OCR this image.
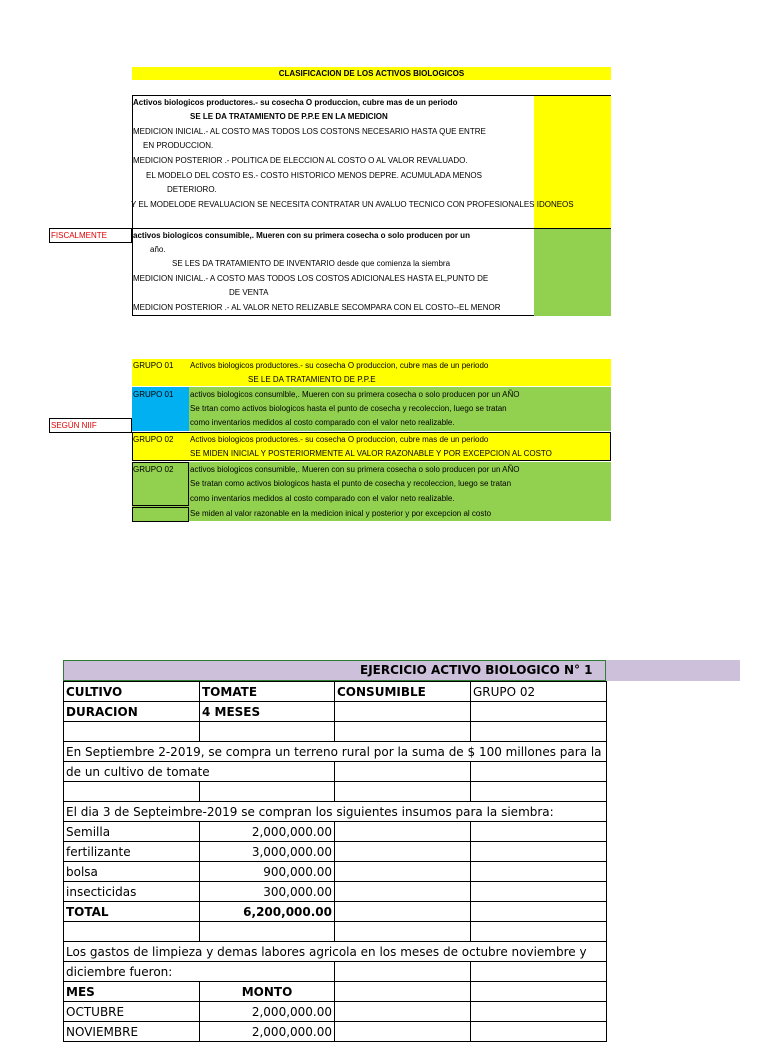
CLASIFICACION DE LOS ACTIVOS BIOLOGICOS
Activos biologicos productores.- su cosecha O produccion, cubre mas de un periodo
SE LE DA TRATAMIENTO DE P.P.E EN LA MEDICION
MEDICION INICIAL.- AL COSTO MAS TODOS LOS COSTONS NECESARIO HASTA QUE ENTRE
EN PRODUCCION.
MEDICION POSTERIOR .- POLITICA DE ELECCION AL COSTO O AL VALOR REVALUADO.
EL MODELO DEL COSTO ES.- COSTO HISTORICO MENOS DEPRE. ACUMULADA MENOS
DETERIORO.
Y EL MODELODE REVALUACION SE NECESITA CONTRATAR UN AVALUO TECNICO CON PROFESIONALES IDONEOS
FISCALMENTE	activos biologicos consumible,. Mueren con su primera cosecha o solo producen por un
año.
SE LES DA TRATAMIENTO DE INVENTARIO desde que comienza la siembra
MEDICION INICIAL.- A COSTO MAS TODOS LOS COSTOS ADICIONALES HASTA EL,PUNTO DE
DE VENTA
MEDICION POSTERIOR .- AL VALOR NETO RELIZABLE SECOMPARA CON EL COSTO--EL MENOR
GRUPO 01 Activos biologicos productores.- su cosecha O produccion, cubre mas de un periodo
SE LE DA TRATAMIENTO DE P.P.E
GRUPO 01 activos biologicos consumlble,. Mueren con su primera cosecha o solo producen por un AÑO
Se trtan como activos biologicos hasta el punto de cosecha y recoleccion, luego se tratan
como inventarios medidos al costo comparado con el valor neto realizable.
SEGÚN NIIF
GRUPO 02 Activos biologicos productores.- su cosecha O produccion, cubre mas de un periodo
SE MIDEN INICIAL Y POSTERIORMENTE AL VALOR RAZONABLE Y POR EXCEPCION AL COSTO
GRUPO 02 activos biologicos consumible,. Mueren con su primera cosecha o solo producen por un AÑO
Se tratan como activos biologicos hasta el punto de cosecha y recoleccion, luego se tratan
como inventarios medidos al costo comparado con el valor neto realizable.
Se miden al valor razonable en la medicion inical y posterior y por excepcion al costo
EJERCICIO ACTIVO BIOLOGICO N° 1
CULTIVO	TOMATE	CONSUMIBLE	GRUPO 02
DURACION	4 MESES		

En Septiembre 2-2019, se compra un terreno rural por la suma de $ 100 millones para la			
de un cultivo de tomate			

El dia 3 de Septeimbre-2019 se compran los siguientes insumos para la siembra:			
Semilla	2,000,000.00		
fertilizante	3,000,000.00		
bolsa	900,000.00		
insecticidas	300,000.00		
TOTAL	6,200,000.00		

Los gastos de limpieza y demas labores agricola en los meses de octubre noviembre y			
diciembre fueron:			
MES	MONTO		
OCTUBRE	2,000,000.00		
NOVIEMBRE	2,000,000.00		
